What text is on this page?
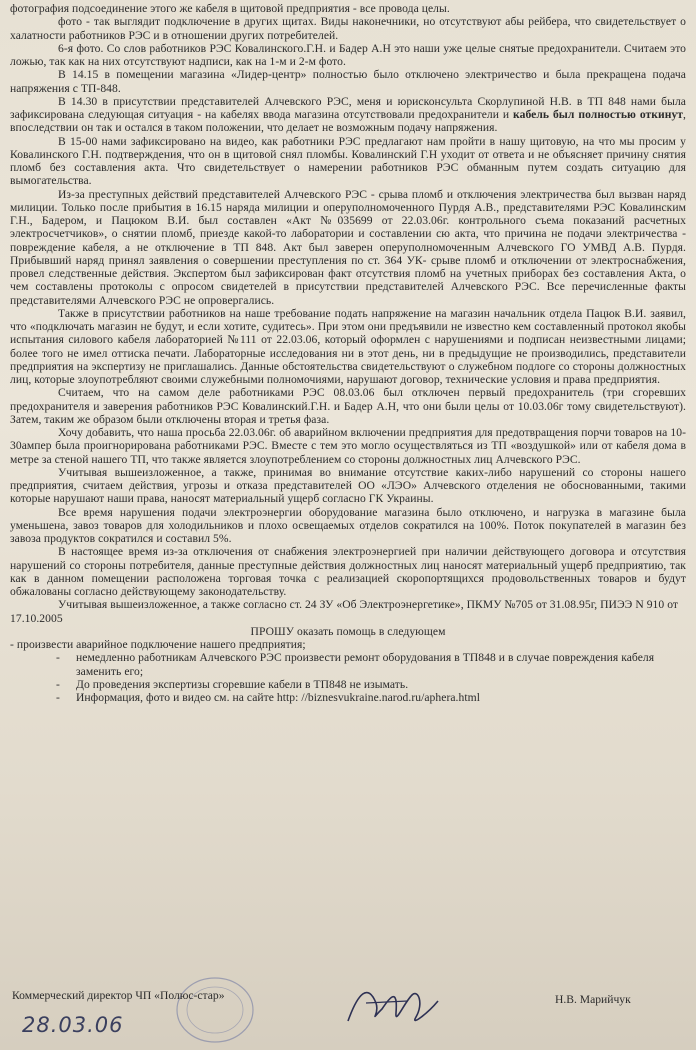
фотография подсоединение этого же кабеля в щитовой предприятия - все провода целы.

фото - так выглядит подключение в других щитах. Виды наконечники, но отсутствуют абы рейбера, что свидетельствует о халатности работников РЭС и в отношении других потребителей.

6-я фото. Со слов работников РЭС Ковалинского.Г.Н. и Бадер А.Н это наши уже целые снятые предохранители. Считаем это ложью, так как на них отсутствуют надписи, как на 1-м и 2-м фото.

В 14.15 в помещении магазина «Лидер-центр» полностью было отключено электричество и была прекращена подача напряжения с ТП-848.

В 14.30 в присутствии представителей Алчевского РЭС, меня и юрисконсульта Скорлупиной Н.В. в ТП 848 нами была зафиксирована следующая ситуация - на кабелях ввода магазина отсутствовали предохранители и кабель был полностью откинут, впоследствии он так и остался в таком положении, что делает не возможным подачу напряжения.

В 15-00 нами зафиксировано на видео, как работники РЭС предлагают нам пройти в нашу щитовую, на что мы просим у Ковалинского Г.Н. подтверждения, что он в щитовой снял пломбы. Ковалинский Г.Н уходит от ответа и не объясняет причину снятия пломб без составления акта. Что свидетельствует о намерении работников РЭС обманным путем создать ситуацию для вымогательства.

Из-за преступных действий представителей Алчевского РЭС - срыва пломб и отключения электричества был вызван наряд милиции. Только после прибытия в 16.15 наряда милиции и оперуполномоченного Пурдя А.В., представителями РЭС Ковалинским Г.Н., Бадером, и Пацюком В.И. был составлен «Акт №035699 от 22.03.06г. контрольного съема показаний расчетных электросчетчиков», о снятии пломб, приезде какой-то лаборатории и составлении сю акта, что причина не подачи электричества - повреждение кабеля, а не отключение в ТП 848. Акт был заверен оперуполномоченным Алчевского ГО УМВД А.В. Пурдя. Прибывший наряд принял заявления о совершении преступления по ст. 364 УК- срыве пломб и отключении от электроснабжения, провел следственные действия. Экспертом был зафиксирован факт отсутствия пломб на учетных приборах без составления Акта, о чем составлены протоколы с опросом свидетелей в присутствии представителей Алчевского РЭС. Все перечисленные факты представителями Алчевского РЭС не опровергались.

Также в присутствии работников на наше требование подать напряжение на магазин начальник отдела Пацюк В.И. заявил, что «подключать магазин не будут, и если хотите, судитесь». При этом они предъявили не известно кем составленный протокол якобы испытания силового кабеля лабораторией №111 от 22.03.06, который оформлен с нарушениями и подписан неизвестными лицами; более того не имел оттиска печати. Лабораторные исследования ни в этот день, ни в предыдущие не производились, представители предприятия на экспертизу не приглашались. Данные обстоятельства свидетельствуют о служебном подлоге со стороны должностных лиц, которые злоупотребляют своими служебными полномочиями, нарушают договор, технические условия и права предприятия.

Считаем, что на самом деле работниками РЭС 08.03.06 был отключен первый предохранитель (три сгоревших предохранителя и заверения работников РЭС Ковалинский.Г.Н. и Бадер А.Н, что они были целы от 10.03.06г тому свидетельствуют). Затем, таким же образом были отключены вторая и третья фаза.

Хочу добавить, что наша просьба 22.03.06г. об аварийном включении предприятия для предотвращения порчи товаров на 10-30ампер была проигнорирована работниками РЭС. Вместе с тем это могло осуществляться из ТП «воздушкой» или от кабеля дома в метре за стеной нашего ТП, что также является злоупотреблением со стороны должностных лиц Алчевского РЭС.

Учитывая вышеизложенное, а также, принимая во внимание отсутствие каких-либо нарушений со стороны нашего предприятия, считаем действия, угрозы и отказа представителей ОО «ЛЭО» Алчевского отделения не обоснованными, такими которые нарушают наши права, наносят материальный ущерб согласно ГК Украины.

Все время нарушения подачи электроэнергии оборудование магазина было отключено, и нагрузка в магазине была уменьшена, завоз товаров для холодильников и плохо освещаемых отделов сократился на 100%. Поток покупателей в магазин без завоза продуктов сократился и составил 5%.

В настоящее время из-за отключения от снабжения электроэнергией при наличии действующего договора и отсутствия нарушений со стороны потребителя, данные преступные действия должностных лиц наносят материальный ущерб предприятию, так как в данном помещении расположена торговая точка с реализацией скоропортящихся продовольственных товаров и будут обжалованы согласно действующему законодательству.

Учитывая вышеизложенное, а также согласно ст. 24 ЗУ «Об Электроэнергетике», ПКМУ №705 от 31.08.95г, ПИЭЭ N 910 от 17.10.2005

ПРОШУ оказать помощь в следующем

- произвести аварийное подключение нашего предприятия;
- немедленно работникам Алчевского РЭС произвести ремонт оборудования в ТП848 и в случае повреждения кабеля заменить его;
- До проведения экспертизы сгоревшие кабели в ТП848 не изымать.
- Информация, фото и видео см. на сайте http: //biznesvukraine.narod.ru/aphera.html
Коммерческий директор ЧП «Полюс-стар»	Н.В. Марийчук
28.03.06
